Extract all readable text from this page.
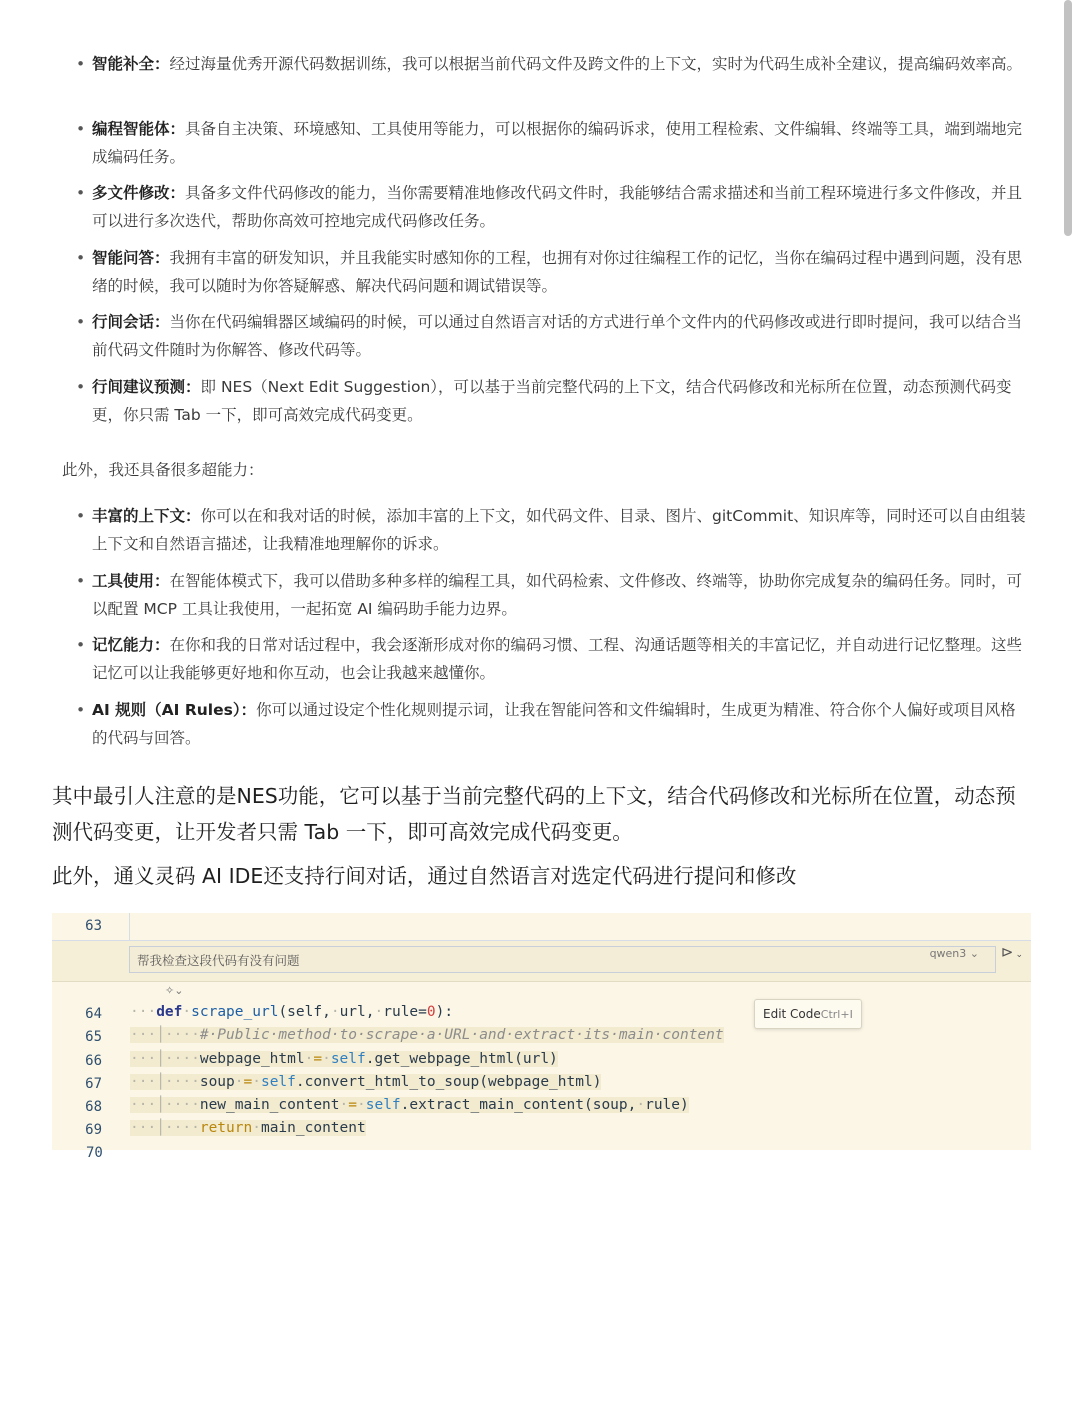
• 智能补全：经过海量优秀开源代码数据训练，我可以根据当前代码文件及跨文件的上下文，实时为代码生成补全建议，提高编码效率高。
• 编程智能体：具备自主决策、环境感知、工具使用等能力，可以根据你的编码诉求，使用工程检索、文件编辑、终端等工具，端到端地完成编码任务。
• 多文件修改：具备多文件代码修改的能力，当你需要精准地修改代码文件时，我能够结合需求描述和当前工程环境进行多文件修改，并且可以进行多次迭代，帮助你高效可控地完成代码修改任务。
• 智能问答：我拥有丰富的研发知识，并且我能实时感知你的工程，也拥有对你过往编程工作的记忆，当你在编码过程中遇到问题，没有思绪的时候，我可以随时为你答疑解惑、解决代码问题和调试错误等。
• 行间会话：当你在代码编辑器区域编码的时候，可以通过自然语言对话的方式进行单个文件内的代码修改或进行即时提问，我可以结合当前代码文件随时为你解答、修改代码等。
• 行间建议预测：即 NES（Next Edit Suggestion），可以基于当前完整代码的上下文，结合代码修改和光标所在位置，动态预测代码变更，你只需 Tab 一下，即可高效完成代码变更。
此外，我还具备很多超能力：
• 丰富的上下文：你可以在和我对话的时候，添加丰富的上下文，如代码文件、目录、图片、gitCommit、知识库等，同时还可以自由组装上下文和自然语言描述，让我精准地理解你的诉求。
• 工具使用：在智能体模式下，我可以借助多种多样的编程工具，如代码检索、文件修改、终端等，协助你完成复杂的编码任务。同时，可以配置 MCP 工具让我使用，一起拓宽 AI 编码助手能力边界。
• 记忆能力：在你和我的日常对话过程中，我会逐渐形成对你的编码习惯、工程、沟通话题等相关的丰富记忆，并自动进行记忆整理。这些记忆可以让我能够更好地和你互动，也会让我越来越懂你。
• AI 规则（AI Rules）：你可以通过设定个性化规则提示词，让我在智能问答和文件编辑时，生成更为精准、符合你个人偏好或项目风格的代码与回答。

其中最引人注意的是NES功能，它可以基于当前完整代码的上下文，结合代码修改和光标所在位置，动态预测代码变更，让开发者只需 Tab 一下，即可高效完成代码变更。

此外，通义灵码 AI IDE还支持行间对话，通过自然语言对选定代码进行提问和修改

63
帮我检查这段代码有没有问题	qwen3 ⌄ ⊳ ⌄
✧⌄
64 ···def·scrape_url(self,·url,·rule=0):
65 ···│····#·Public·method·to·scrape·a·URL·and·extract·its·main·content
66 ···│····webpage_html·=·self.get_webpage_html(url)
67 ···│····soup·=·self.convert_html_to_soup(webpage_html)
68 ···│····new_main_content·=·self.extract_main_content(soup,·rule)
69 ···│····return·main_content
Edit CodeCtrl+I
70
